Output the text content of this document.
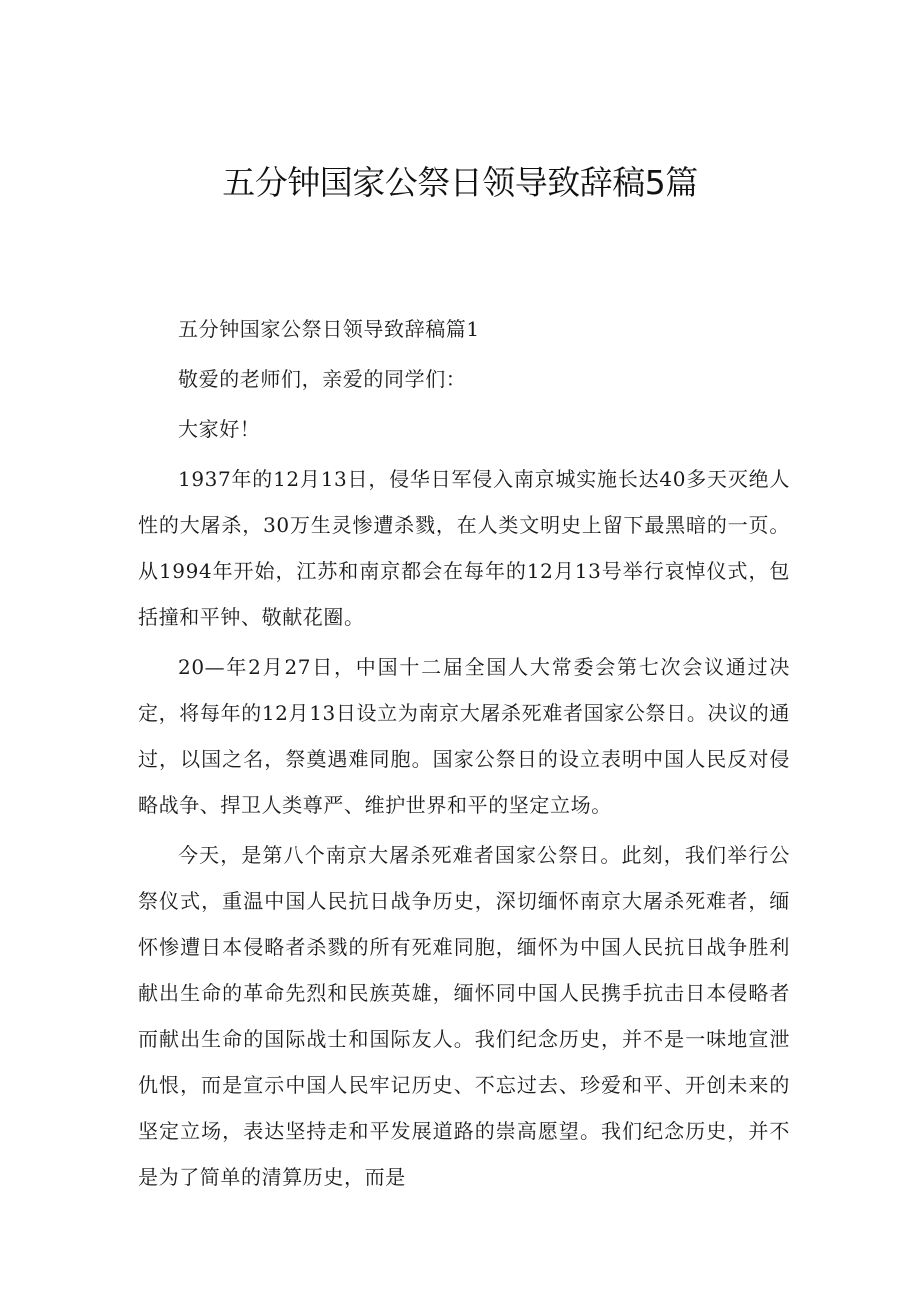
五分钟国家公祭日领导致辞稿5篇

五分钟国家公祭日领导致辞稿篇1

敬爱的老师们，亲爱的同学们：

大家好！

1937年的12月13日，侵华日军侵入南京城实施长达40多天灭绝人性的大屠杀，30万生灵惨遭杀戮，在人类文明史上留下最黑暗的一页。从1994年开始，江苏和南京都会在每年的12月13号举行哀悼仪式，包括撞和平钟、敬献花圈。

20—年2月27日，中国十二届全国人大常委会第七次会议通过决定，将每年的12月13日设立为南京大屠杀死难者国家公祭日。决议的通过，以国之名，祭奠遇难同胞。国家公祭日的设立表明中国人民反对侵略战争、捍卫人类尊严、维护世界和平的坚定立场。

今天，是第八个南京大屠杀死难者国家公祭日。此刻，我们举行公祭仪式，重温中国人民抗日战争历史，深切缅怀南京大屠杀死难者，缅怀惨遭日本侵略者杀戮的所有死难同胞，缅怀为中国人民抗日战争胜利献出生命的革命先烈和民族英雄，缅怀同中国人民携手抗击日本侵略者而献出生命的国际战士和国际友人。我们纪念历史，并不是一味地宣泄仇恨，而是宣示中国人民牢记历史、不忘过去、珍爱和平、开创未来的坚定立场，表达坚持走和平发展道路的崇高愿望。我们纪念历史，并不是为了简单的清算历史，而是
